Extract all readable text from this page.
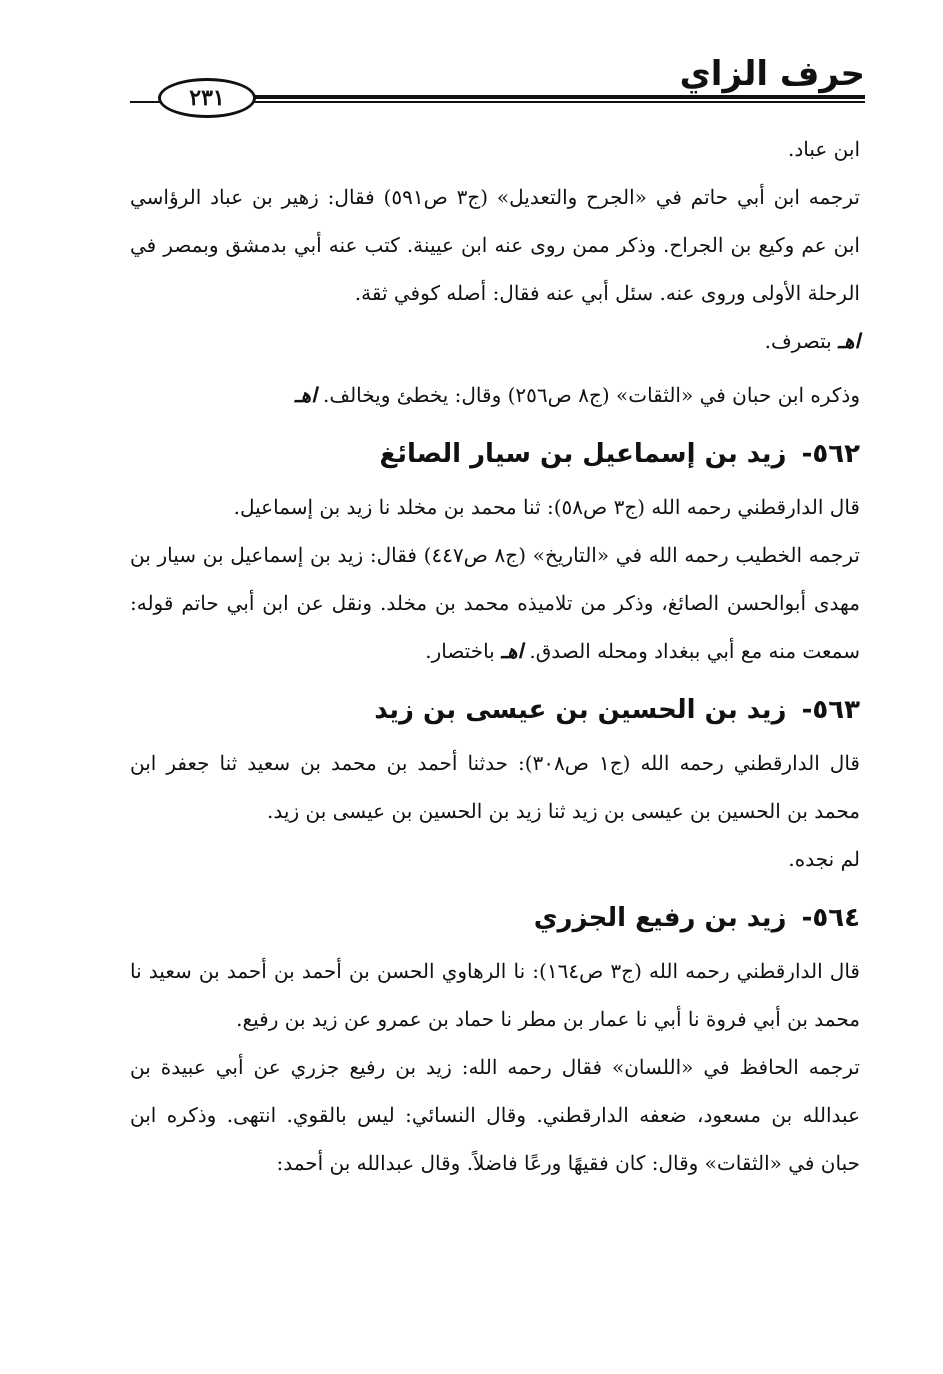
حرف الزاي
٢٣١

ابن عباد.

ترجمه ابن أبي حاتم في «الجرح والتعديل» (ج٣ ص٥٩١) فقال: زهير بن عباد الرؤاسي ابن عم وكيع بن الجراح. وذكر ممن روى عنه ابن عيينة. كتب عنه أبي بدمشق وبمصر في الرحلة الأولى وروى عنه. سئل أبي عنه فقال: أصله كوفي ثقة.
اهـ بتصرف.

وذكره ابن حبان في «الثقات» (ج٨ ص٢٥٦) وقال: يخطئ ويخالف. اهـ

٥٦٢- زيد بن إسماعيل بن سيار الصائغ

قال الدارقطني رحمه الله (ج٣ ص٥٨): ثنا محمد بن مخلد نا زيد بن إسماعيل.

ترجمه الخطيب رحمه الله في «التاريخ» (ج٨ ص٤٤٧) فقال: زيد بن إسماعيل بن سيار بن مهدى أبوالحسن الصائغ، وذكر من تلاميذه محمد بن مخلد. ونقل عن ابن أبي حاتم قوله: سمعت منه مع أبي ببغداد ومحله الصدق. اهـ باختصار.

٥٦٣- زيد بن الحسين بن عيسى بن زيد

قال الدارقطني رحمه الله (ج١ ص٣٠٨): حدثنا أحمد بن محمد بن سعيد ثنا جعفر ابن محمد بن الحسين بن عيسى بن زيد ثنا زيد بن الحسين بن عيسى بن زيد.

لم نجده.

٥٦٤- زيد بن رفيع الجزري

قال الدارقطني رحمه الله (ج٣ ص١٦٤): نا الرهاوي الحسن بن أحمد بن أحمد بن سعيد نا محمد بن أبي فروة نا أبي نا عمار بن مطر نا حماد بن عمرو عن زيد بن رفيع.

ترجمه الحافظ في «اللسان» فقال رحمه الله: زيد بن رفيع جزري عن أبي عبيدة بن عبدالله بن مسعود، ضعفه الدارقطني. وقال النسائي: ليس بالقوي. انتهى. وذكره ابن حبان في «الثقات» وقال: كان فقيهًا ورعًا فاضلاً. وقال عبدالله بن أحمد:
